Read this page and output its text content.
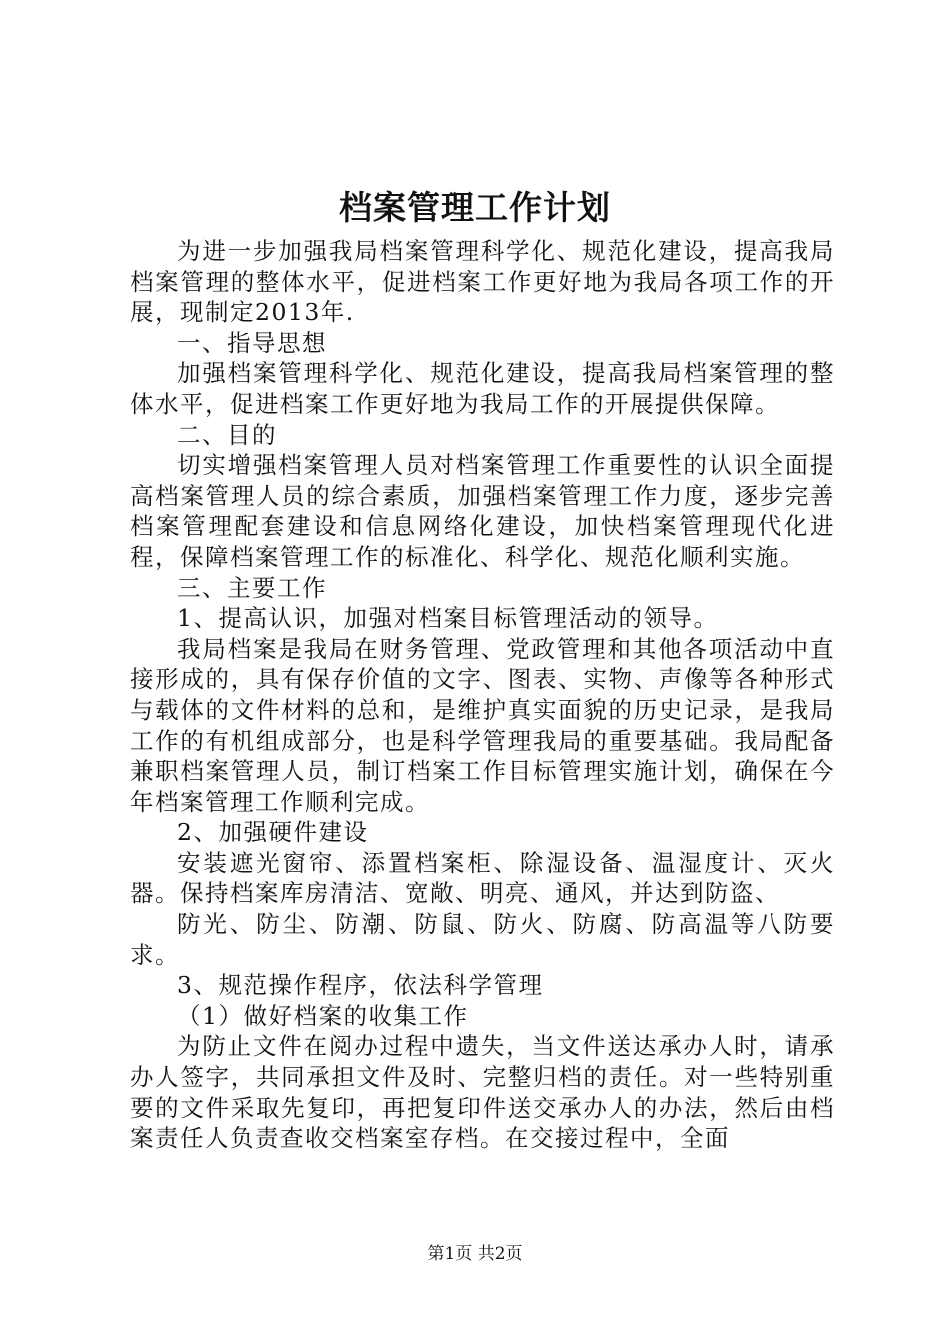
档案管理工作计划

为进一步加强我局档案管理科学化、规范化建设，提高我局档案管理的整体水平，促进档案工作更好地为我局各项工作的开展，现制定2013年.

一、指导思想

加强档案管理科学化、规范化建设，提高我局档案管理的整体水平，促进档案工作更好地为我局工作的开展提供保障。

二、目的

切实增强档案管理人员对档案管理工作重要性的认识全面提高档案管理人员的综合素质，加强档案管理工作力度，逐步完善档案管理配套建设和信息网络化建设，加快档案管理现代化进程，保障档案管理工作的标准化、科学化、规范化顺利实施。

三、主要工作

1、提高认识，加强对档案目标管理活动的领导。

我局档案是我局在财务管理、党政管理和其他各项活动中直接形成的，具有保存价值的文字、图表、实物、声像等各种形式与载体的文件材料的总和，是维护真实面貌的历史记录，是我局工作的有机组成部分，也是科学管理我局的重要基础。我局配备兼职档案管理人员，制订档案工作目标管理实施计划，确保在今年档案管理工作顺利完成。

2、加强硬件建设

安装遮光窗帘、添置档案柜、除湿设备、温湿度计、灭火器。保持档案库房清洁、宽敞、明亮、通风，并达到防盗、

防光、防尘、防潮、防鼠、防火、防腐、防高温等八防要求。

3、规范操作程序，依法科学管理

（1）做好档案的收集工作

为防止文件在阅办过程中遗失，当文件送达承办人时，请承办人签字，共同承担文件及时、完整归档的责任。对一些特别重要的文件采取先复印，再把复印件送交承办人的办法，然后由档案责任人负责查收交档案室存档。在交接过程中，全面

第1页 共2页
